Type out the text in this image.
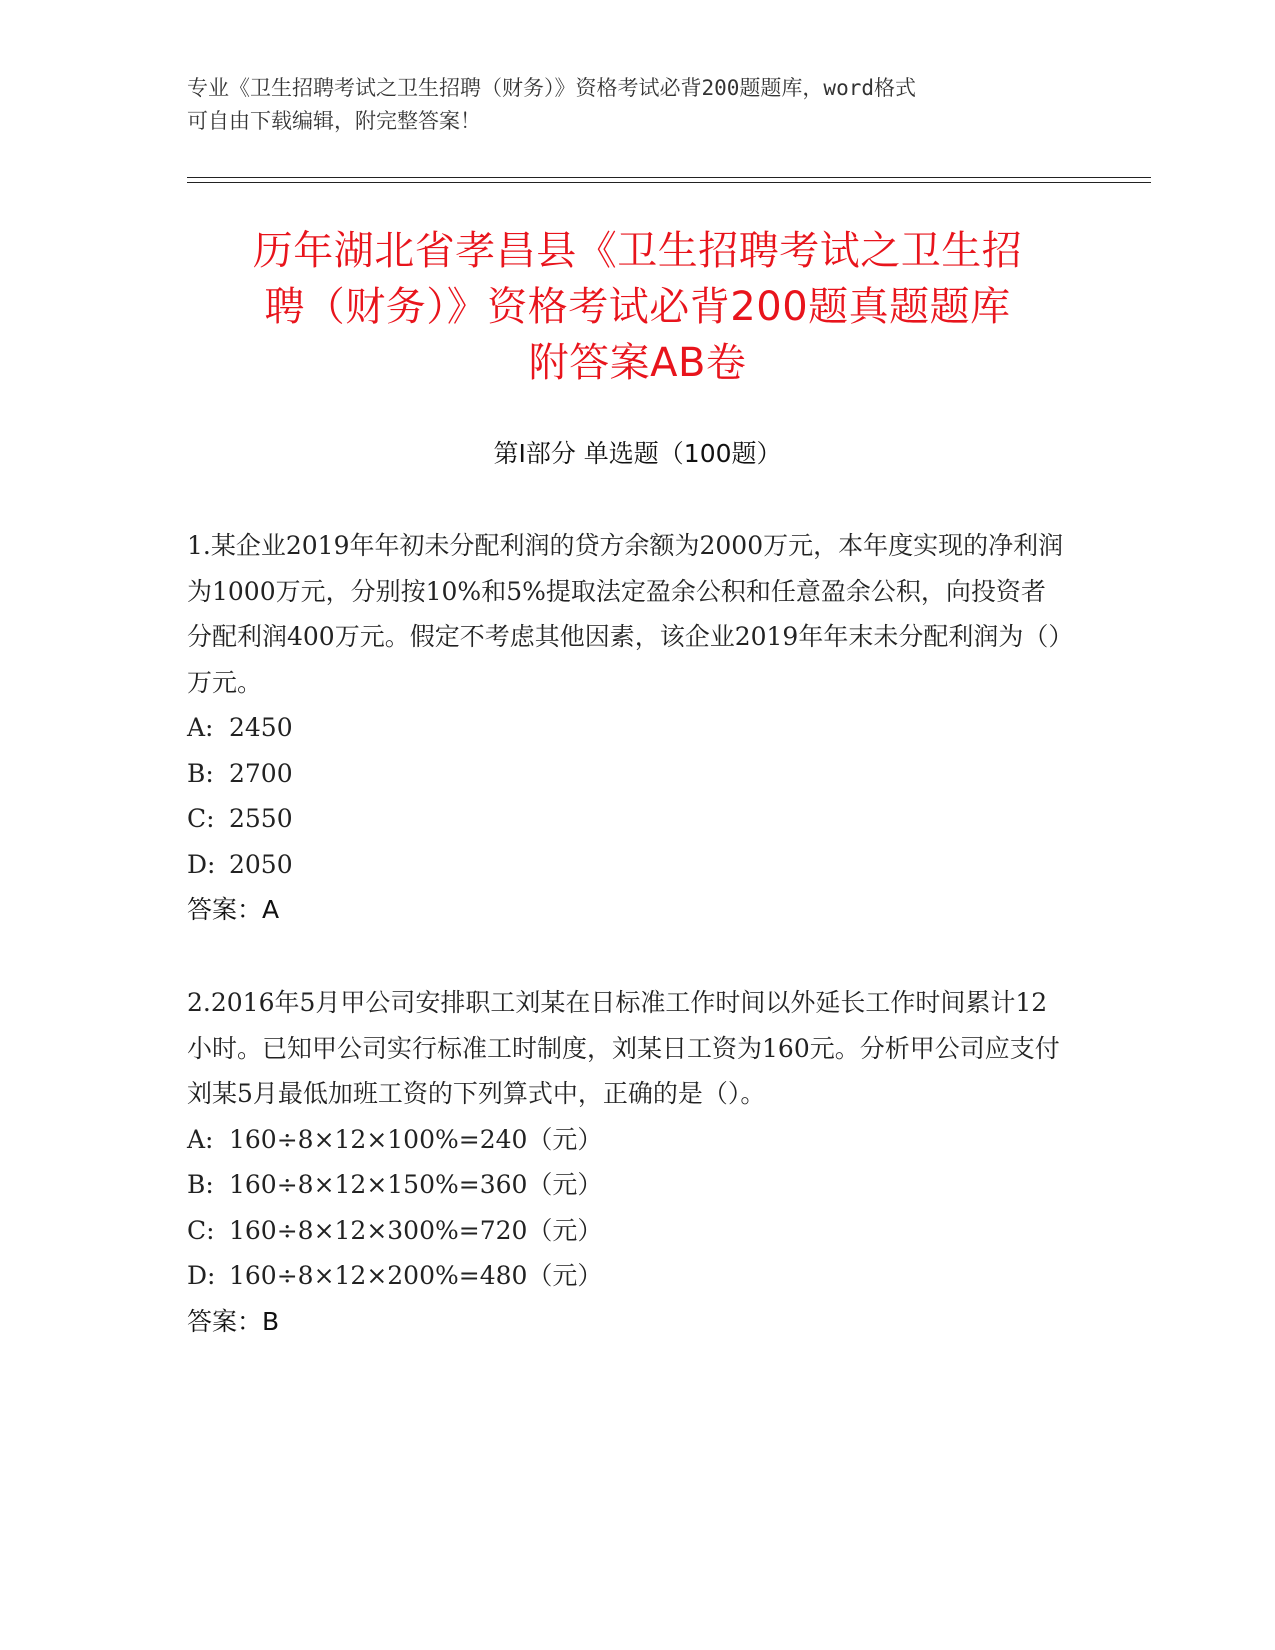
专业《卫生招聘考试之卫生招聘（财务）》资格考试必背200题题库，word格式
可自由下载编辑，附完整答案！
历年湖北省孝昌县《卫生招聘考试之卫生招
聘（财务）》资格考试必背200题真题题库
附答案AB卷
第Ⅰ部分 单选题（100题）

1.某企业2019年年初未分配利润的贷方余额为2000万元，本年度实现的净利润为1000万元，分别按10%和5%提取法定盈余公积和任意盈余公积，向投资者分配利润400万元。假定不考虑其他因素，该企业2019年年末未分配利润为（）万元。

A: 2450
B: 2700
C: 2550
D: 2050
答案：A

2.2016年5月甲公司安排职工刘某在日标准工作时间以外延长工作时间累计12小时。已知甲公司实行标准工时制度，刘某日工资为160元。分析甲公司应支付刘某5月最低加班工资的下列算式中，正确的是（）。

A: 160÷8×12×100%=240（元）
B: 160÷8×12×150%=360（元）
C: 160÷8×12×300%=720（元）
D: 160÷8×12×200%=480（元）
答案：B
